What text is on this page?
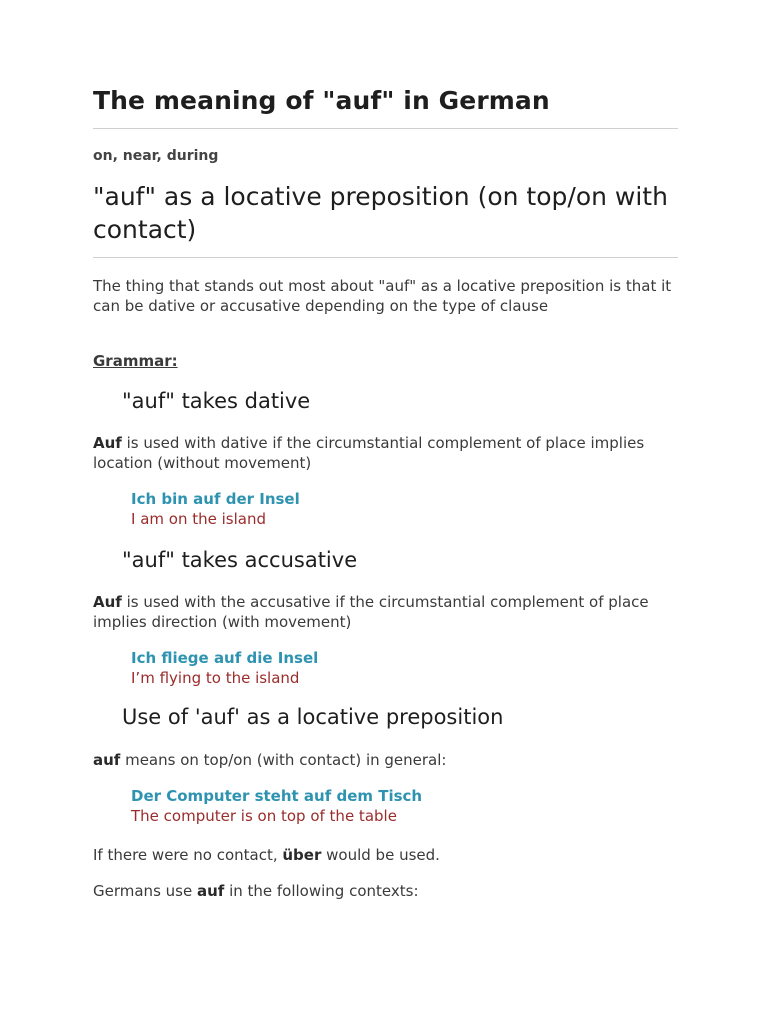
The meaning of "auf" in German
on, near, during
"auf" as a locative preposition (on top/on with contact)
The thing that stands out most about "auf" as a locative preposition is that it can be dative or accusative depending on the type of clause
Grammar:
"auf" takes dative
Auf is used with dative if the circumstantial complement of place implies location (without movement)
Ich bin auf der Insel
I am on the island
"auf" takes accusative
Auf is used with the accusative if the circumstantial complement of place implies direction (with movement)
Ich fliege auf die Insel
I’m flying to the island
Use of 'auf' as a locative preposition
auf means on top/on (with contact) in general:
Der Computer steht auf dem Tisch
The computer is on top of the table
If there were no contact, über would be used.
Germans use auf in the following contexts:
